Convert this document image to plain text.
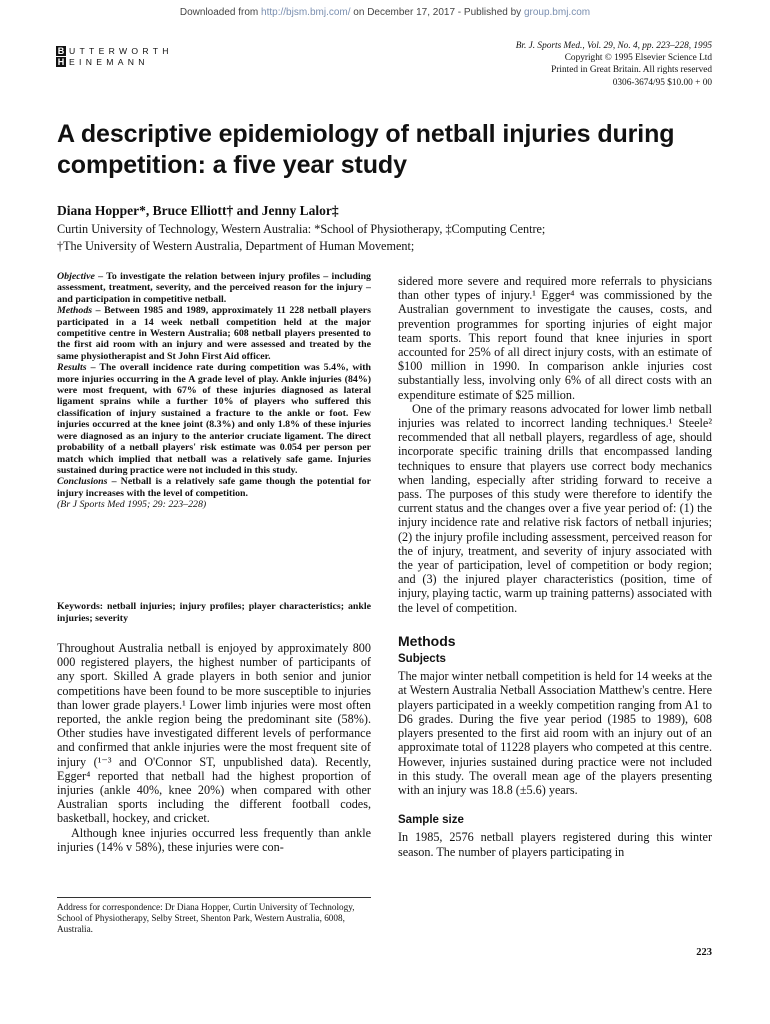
Downloaded from http://bjsm.bmj.com/ on December 17, 2017 - Published by group.bmj.com
B UTTERWORTH
H EINEMANN
Br. J. Sports Med., Vol. 29, No. 4, pp. 223–228, 1995
Copyright © 1995 Elsevier Science Ltd
Printed in Great Britain. All rights reserved
0306-3674/95 $10.00 + 00
A descriptive epidemiology of netball injuries during competition: a five year study
Diana Hopper*, Bruce Elliott† and Jenny Lalor‡
Curtin University of Technology, Western Australia: *School of Physiotherapy, ‡Computing Centre;
†The University of Western Australia, Department of Human Movement;

Objective – To investigate the relation between injury profiles – including assessment, treatment, severity, and the perceived reason for the injury – and participation in competitive netball.

Methods – Between 1985 and 1989, approximately 11 228 netball players participated in a 14 week netball competition held at the major competitive centre in Western Australia; 608 netball players presented to the first aid room with an injury and were assessed and treated by the same physiotherapist and St John First Aid officer.

Results – The overall incidence rate during competition was 5.4%, with more injuries occurring in the A grade level of play. Ankle injuries (84%) were most frequent, with 67% of these injuries diagnosed as lateral ligament sprains while a further 10% of players who suffered this classification of injury sustained a fracture to the ankle or foot. Few injuries occurred at the knee joint (8.3%) and only 1.8% of these injuries were diagnosed as an injury to the anterior cruciate ligament. The direct probability of a netball players' risk estimate was 0.054 per person per match which implied that netball was a relatively safe game. Injuries sustained during practice were not included in this study.

Conclusions – Netball is a relatively safe game though the potential for injury increases with the level of competition.

(Br J Sports Med 1995; 29: 223–228)

Keywords: netball injuries; injury profiles; player characteristics; ankle injuries; severity

Throughout Australia netball is enjoyed by approximately 800 000 registered players, the highest number of participants of any sport. Skilled A grade players in both senior and junior competitions have been found to be more susceptible to injuries than lower grade players.¹ Lower limb injuries were most often reported, the ankle region being the predominant site (58%). Other studies have investigated different levels of performance and confirmed that ankle injuries were the most frequent site of injury (¹⁻³ and O'Connor ST, unpublished data). Recently, Egger⁴ reported that netball had the highest proportion of injuries (ankle 40%, knee 20%) when compared with other Australian sports including the different football codes, basketball, hockey, and cricket.

Although knee injuries occurred less frequently than ankle injuries (14% v 58%), these injuries were con-

Address for correspondence: Dr Diana Hopper, Curtin University of Technology, School of Physiotherapy, Selby Street, Shenton Park, Western Australia, 6008, Australia.

sidered more severe and required more referrals to physicians than other types of injury.¹ Egger⁴ was commissioned by the Australian government to investigate the causes, costs, and prevention programmes for sporting injuries of eight major team sports. This report found that knee injuries in sport accounted for 25% of all direct injury costs, with an estimate of $100 million in 1990. In comparison ankle injuries cost substantially less, involving only 6% of all direct costs with an expenditure estimate of $25 million.

One of the primary reasons advocated for lower limb netball injuries was related to incorrect landing techniques.¹ Steele² recommended that all netball players, regardless of age, should incorporate specific training drills that encompassed landing techniques to ensure that players use correct body mechanics when landing, especially after striding forward to receive a pass. The purposes of this study were therefore to identify the current status and the changes over a five year period of: (1) the injury incidence rate and relative risk factors of netball injuries; (2) the injury profile including assessment, perceived reason for the of injury, treatment, and severity of injury associated with the year of participation, level of competition or body region; and (3) the injured player characteristics (position, time of injury, playing tactic, warm up training patterns) associated with the level of competition.

Methods
Subjects

The major winter netball competition is held for 14 weeks at the at Western Australia Netball Association Matthew's centre. Here players participated in a weekly competition ranging from A1 to D6 grades. During the five year period (1985 to 1989), 608 players presented to the first aid room with an injury out of an approximate total of 11228 players who competed at this centre. However, injuries sustained during practice were not included in this study. The overall mean age of the players presenting with an injury was 18.8 (±5.6) years.

Sample size

In 1985, 2576 netball players registered during this winter season. The number of players participating in

223
